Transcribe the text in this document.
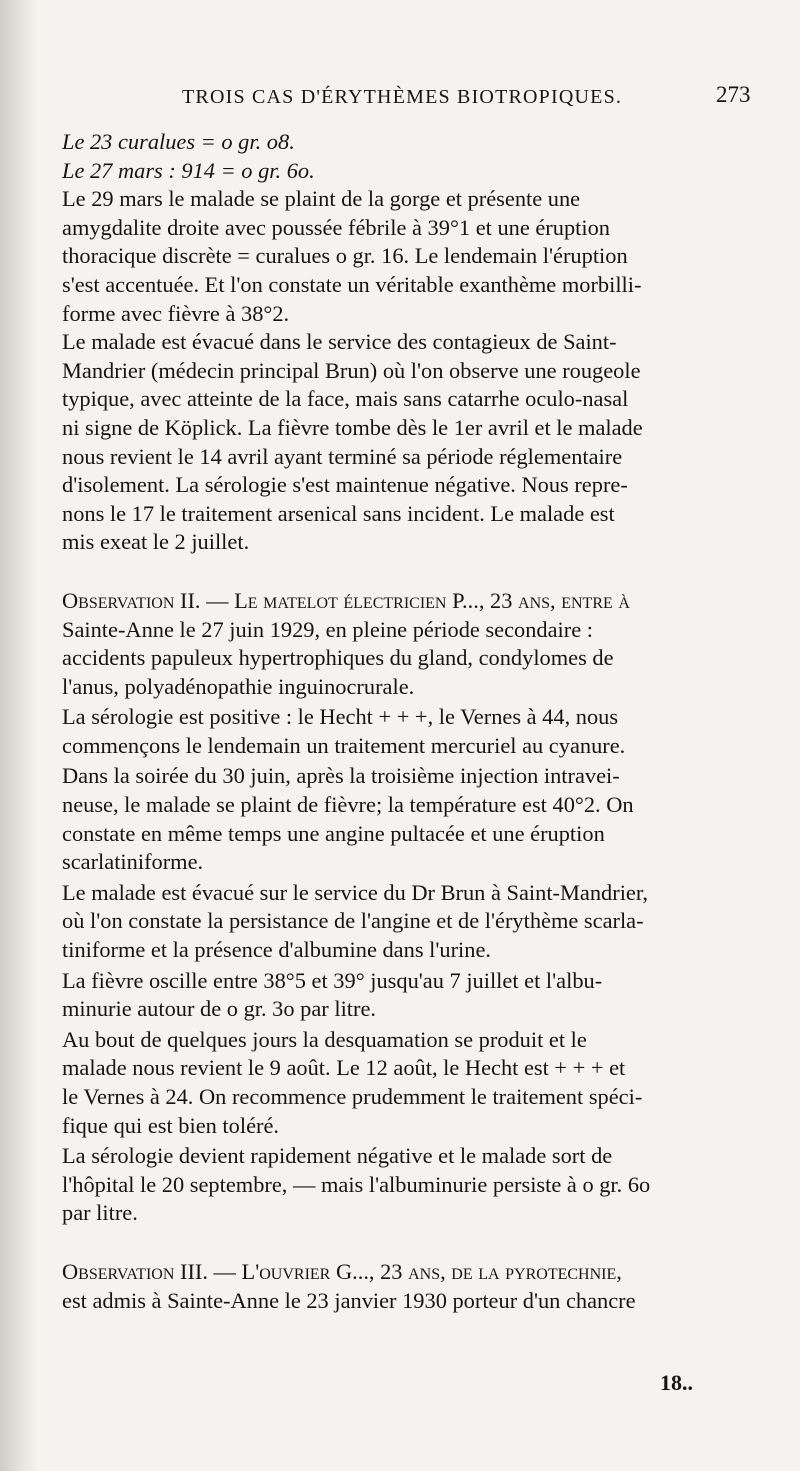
TROIS CAS D'ÉRYTHÈMES BIOTROPIQUES.	273
Le 23 curalues = o gr. o8.
Le 27 mars : 914 = o gr. 6o.
Le 29 mars le malade se plaint de la gorge et présente une
amygdalite droite avec poussée fébrile à 39°1 et une éruption
thoracique discrète = curalues o gr. 16. Le lendemain l'éruption
s'est accentuée. Et l'on constate un véritable exanthème morbilli-
forme avec fièvre à 38°2.
Le malade est évacué dans le service des contagieux de Saint-
Mandrier (médecin principal Brun) où l'on observe une rougeole
typique, avec atteinte de la face, mais sans catarrhe oculo-nasal
ni signe de Köplick. La fièvre tombe dès le 1er avril et le malade
nous revient le 14 avril ayant terminé sa période réglementaire
d'isolement. La sérologie s'est maintenue négative. Nous repre-
nons le 17 le traitement arsenical sans incident. Le malade est
mis exeat le 2 juillet.
Observation II. — Le matelot électricien P..., 23 ans, entre à
Sainte-Anne le 27 juin 1929, en pleine période secondaire :
accidents papuleux hypertrophiques du gland, condylomes de
l'anus, polyadénopathie inguinocrurale.
La sérologie est positive : le Hecht + + +, le Vernes à 44, nous
commençons le lendemain un traitement mercuriel au cyanure.
Dans la soirée du 30 juin, après la troisième injection intravei-
neuse, le malade se plaint de fièvre; la température est 40°2. On
constate en même temps une angine pultacée et une éruption
scarlatiniforme.
Le malade est évacué sur le service du Dr Brun à Saint-Mandrier,
où l'on constate la persistance de l'angine et de l'érythème scarla-
tiniforme et la présence d'albumine dans l'urine.
La fièvre oscille entre 38°5 et 39° jusqu'au 7 juillet et l'albu-
minurie autour de o gr. 3o par litre.
Au bout de quelques jours la desquamation se produit et le
malade nous revient le 9 août. Le 12 août, le Hecht est + + + et
le Vernes à 24. On recommence prudemment le traitement spéci-
fique qui est bien toléré.
La sérologie devient rapidement négative et le malade sort de
l'hôpital le 20 septembre, — mais l'albuminurie persiste à o gr. 6o
par litre.
Observation III. — L'ouvrier G..., 23 ans, de la pyrotechnie,
est admis à Sainte-Anne le 23 janvier 1930 porteur d'un chancre
18..
